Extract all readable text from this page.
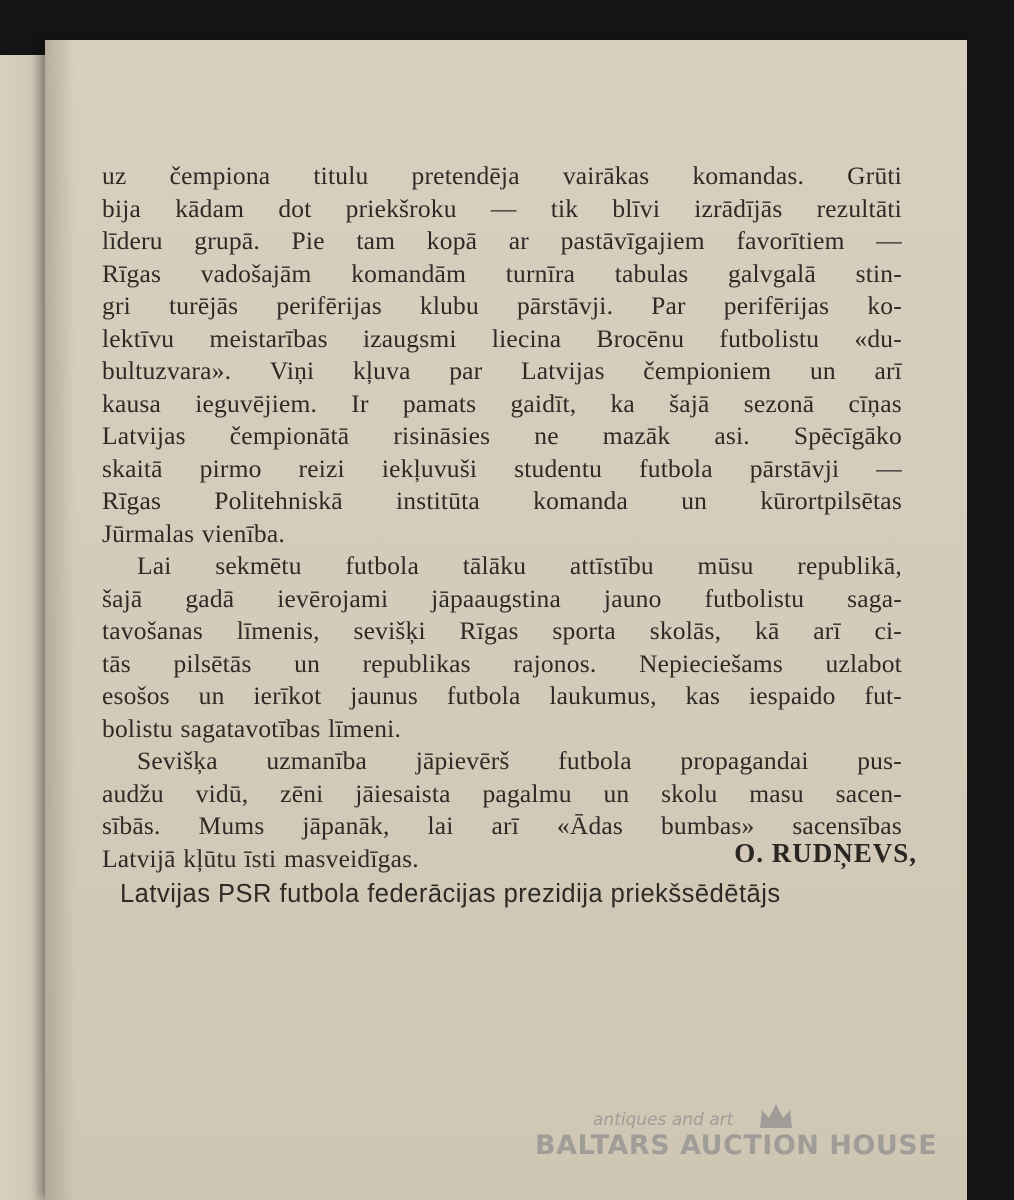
uz čempiona titulu pretendēja vairākas komandas. Grūti
bija kādam dot priekšroku — tik blīvi izrādījās rezultāti
līderu grupā. Pie tam kopā ar pastāvīgajiem favorītiem —
Rīgas vadošajām komandām turnīra tabulas galvgalā stin-
gri turējās perifērijas klubu pārstāvji. Par perifērijas ko-
lektīvu meistarības izaugsmi liecina Brocēnu futbolistu «du-
bultuzvara». Viņi kļuva par Latvijas čempioniem un arī
kausa ieguvējiem. Ir pamats gaidīt, ka šajā sezonā cīņas
Latvijas čempionātā risināsies ne mazāk asi. Spēcīgāko
skaitā pirmo reizi iekļuvuši studentu futbola pārstāvji —
Rīgas Politehniskā institūta komanda un kūrortpilsētas
Jūrmalas vienība.
Lai sekmētu futbola tālāku attīstību mūsu republikā,
šajā gadā ievērojami jāpaaugstina jauno futbolistu saga-
tavošanas līmenis, sevišķi Rīgas sporta skolās, kā arī ci-
tās pilsētās un republikas rajonos. Nepieciešams uzlabot
esošos un ierīkot jaunus futbola laukumus, kas iespaido fut-
bolistu sagatavotības līmeni.
Sevišķa uzmanība jāpievērš futbola propagandai pus-
audžu vidū, zēni jāiesaista pagalmu un skolu masu sacen-
sībās. Mums jāpanāk, lai arī «Ādas bumbas» sacensības
Latvijā kļūtu īsti masveidīgas.	O. RUDŅEVS,
Latvijas PSR futbola federācijas prezidija priekšsēdētājs
antiques and art
BALTARS AUCTION HOUSE
